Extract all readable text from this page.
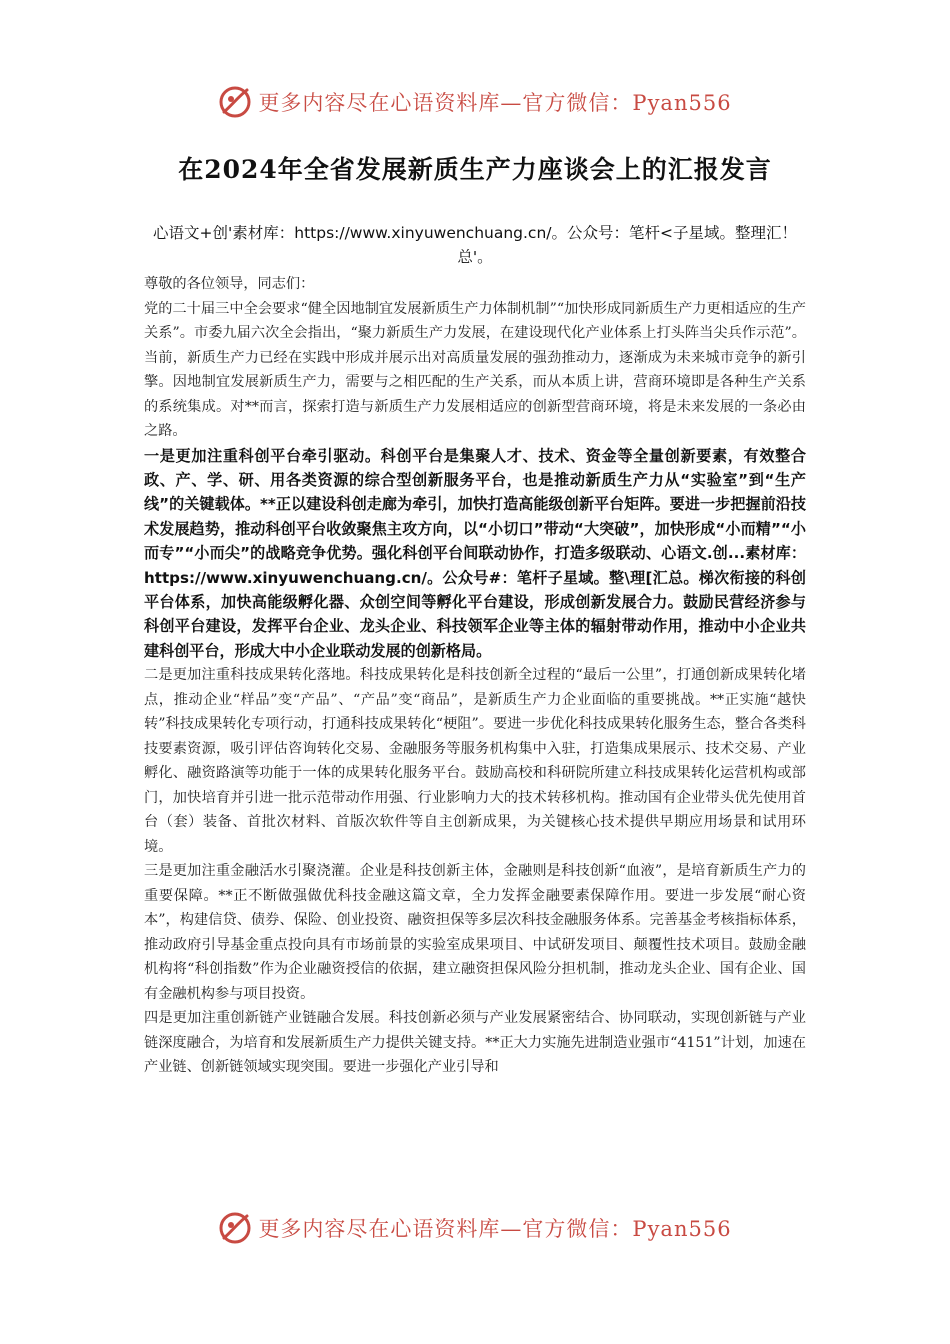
更多内容尽在心语资料库—官方微信：Pyan556
在2024年全省发展新质生产力座谈会上的汇报发言

心语文+创'素材库：https://www.xinyuwenchuang.cn/。公众号：笔杆<子星域。整理汇！总'。

尊敬的各位领导，同志们：

党的二十届三中全会要求“健全因地制宜发展新质生产力体制机制”“加快形成同新质生产力更相适应的生产关系”。市委九届六次全会指出，“聚力新质生产力发展，在建设现代化产业体系上打头阵当尖兵作示范”。当前，新质生产力已经在实践中形成并展示出对高质量发展的强劲推动力，逐渐成为未来城市竞争的新引擎。因地制宜发展新质生产力，需要与之相匹配的生产关系，而从本质上讲，营商环境即是各种生产关系的系统集成。对**而言，探索打造与新质生产力发展相适应的创新型营商环境，将是未来发展的一条必由之路。

一是更加注重科创平台牵引驱动。科创平台是集聚人才、技术、资金等全量创新要素，有效整合政、产、学、研、用各类资源的综合型创新服务平台，也是推动新质生产力从“实验室”到“生产线”的关键载体。**正以建设科创走廊为牵引，加快打造高能级创新平台矩阵。要进一步把握前沿技术发展趋势，推动科创平台收敛聚焦主攻方向，以“小切口”带动“大突破”，加快形成“小而精”“小而专”“小而尖”的战略竞争优势。强化科创平台间联动协作，打造多级联动、心语文.创...素材库：https://www.xinyuwenchuang.cn/。公众号#：笔杆子星域。整\理[汇总。梯次衔接的科创平台体系，加快高能级孵化器、众创空间等孵化平台建设，形成创新发展合力。鼓励民营经济参与科创平台建设，发挥平台企业、龙头企业、科技领军企业等主体的辐射带动作用，推动中小企业共建科创平台，形成大中小企业联动发展的创新格局。

二是更加注重科技成果转化落地。科技成果转化是科技创新全过程的“最后一公里”，打通创新成果转化堵点，推动企业“样品”变“产品”、“产品”变“商品”，是新质生产力企业面临的重要挑战。**正实施“越快转”科技成果转化专项行动，打通科技成果转化“梗阻”。要进一步优化科技成果转化服务生态，整合各类科技要素资源，吸引评估咨询转化交易、金融服务等服务机构集中入驻，打造集成果展示、技术交易、产业孵化、融资路演等功能于一体的成果转化服务平台。鼓励高校和科研院所建立科技成果转化运营机构或部门，加快培育并引进一批示范带动作用强、行业影响力大的技术转移机构。推动国有企业带头优先使用首台（套）装备、首批次材料、首版次软件等自主创新成果，为关键核心技术提供早期应用场景和试用环境。

三是更加注重金融活水引聚浇灌。企业是科技创新主体，金融则是科技创新“血液”，是培育新质生产力的重要保障。**正不断做强做优科技金融这篇文章，全力发挥金融要素保障作用。要进一步发展“耐心资本”，构建信贷、债券、保险、创业投资、融资担保等多层次科技金融服务体系。完善基金考核指标体系，推动政府引导基金重点投向具有市场前景的实验室成果项目、中试研发项目、颠覆性技术项目。鼓励金融机构将“科创指数”作为企业融资授信的依据，建立融资担保风险分担机制，推动龙头企业、国有企业、国有金融机构参与项目投资。

四是更加注重创新链产业链融合发展。科技创新必须与产业发展紧密结合、协同联动，实现创新链与产业链深度融合，为培育和发展新质生产力提供关键支持。**正大力实施先进制造业强市“4151”计划，加速在产业链、创新链领域实现突围。要进一步强化产业引导和

更多内容尽在心语资料库—官方微信：Pyan556
